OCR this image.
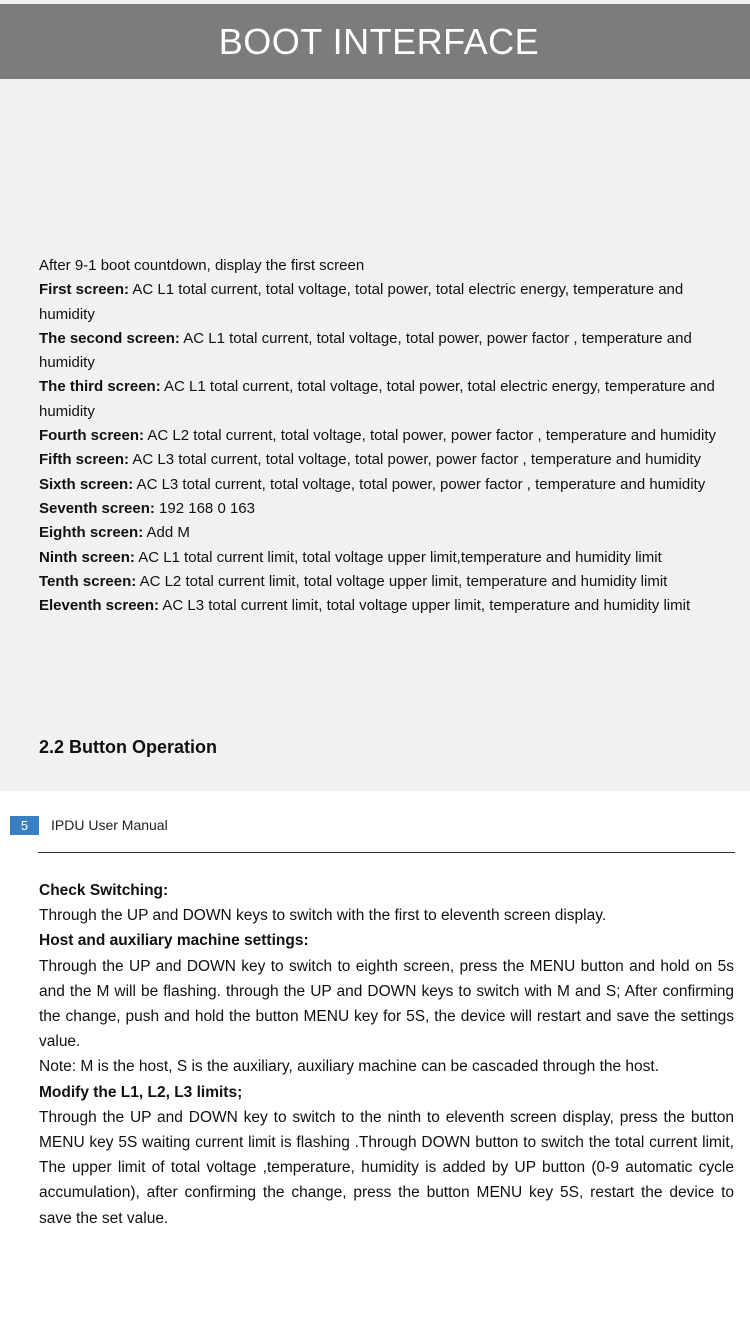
BOOT INTERFACE

After 9-1 boot countdown, display the first screen

First screen: AC L1 total current, total voltage, total power, total electric energy, temperature and humidity

The second screen: AC L1 total current, total voltage, total power, power factor , temperature and humidity

The third screen: AC L1 total current, total voltage, total power, total electric energy, temperature and humidity

Fourth screen: AC L2 total current, total voltage, total power, power factor , temperature and humidity

Fifth screen: AC L3 total current, total voltage, total power, power factor , temperature and humidity

Sixth screen: AC L3 total current, total voltage, total power, power factor , temperature and humidity

Seventh screen: 192 168 0 163

Eighth screen: Add M

Ninth screen: AC L1 total current limit, total voltage upper limit,temperature and humidity limit

Tenth screen: AC L2 total current limit, total voltage upper limit, temperature and humidity limit

Eleventh screen: AC L3 total current limit, total voltage upper limit, temperature and humidity limit

2.2 Button Operation
5	IPDU User Manual

Check Switching:

Through the UP and DOWN keys to switch with the first to eleventh screen display.

Host and auxiliary machine settings:

Through the UP and DOWN key to switch to eighth screen, press the MENU button and hold on 5s and the M will be flashing. through the UP and DOWN keys to switch with M and S; After confirming the change, push and hold the button MENU key for 5S, the device will restart and save the settings value.

Note: M is the host, S is the auxiliary, auxiliary machine can be cascaded through the host.

Modify the L1, L2, L3 limits;

Through the UP and DOWN key to switch to the ninth to eleventh screen display, press the button MENU key 5S waiting current limit is flashing .Through DOWN button to switch the total current limit, The upper limit of total voltage ,temperature, humidity is added by UP button (0-9 automatic cycle accumulation), after confirming the change, press the button MENU key 5S, restart the device to save the set value.
